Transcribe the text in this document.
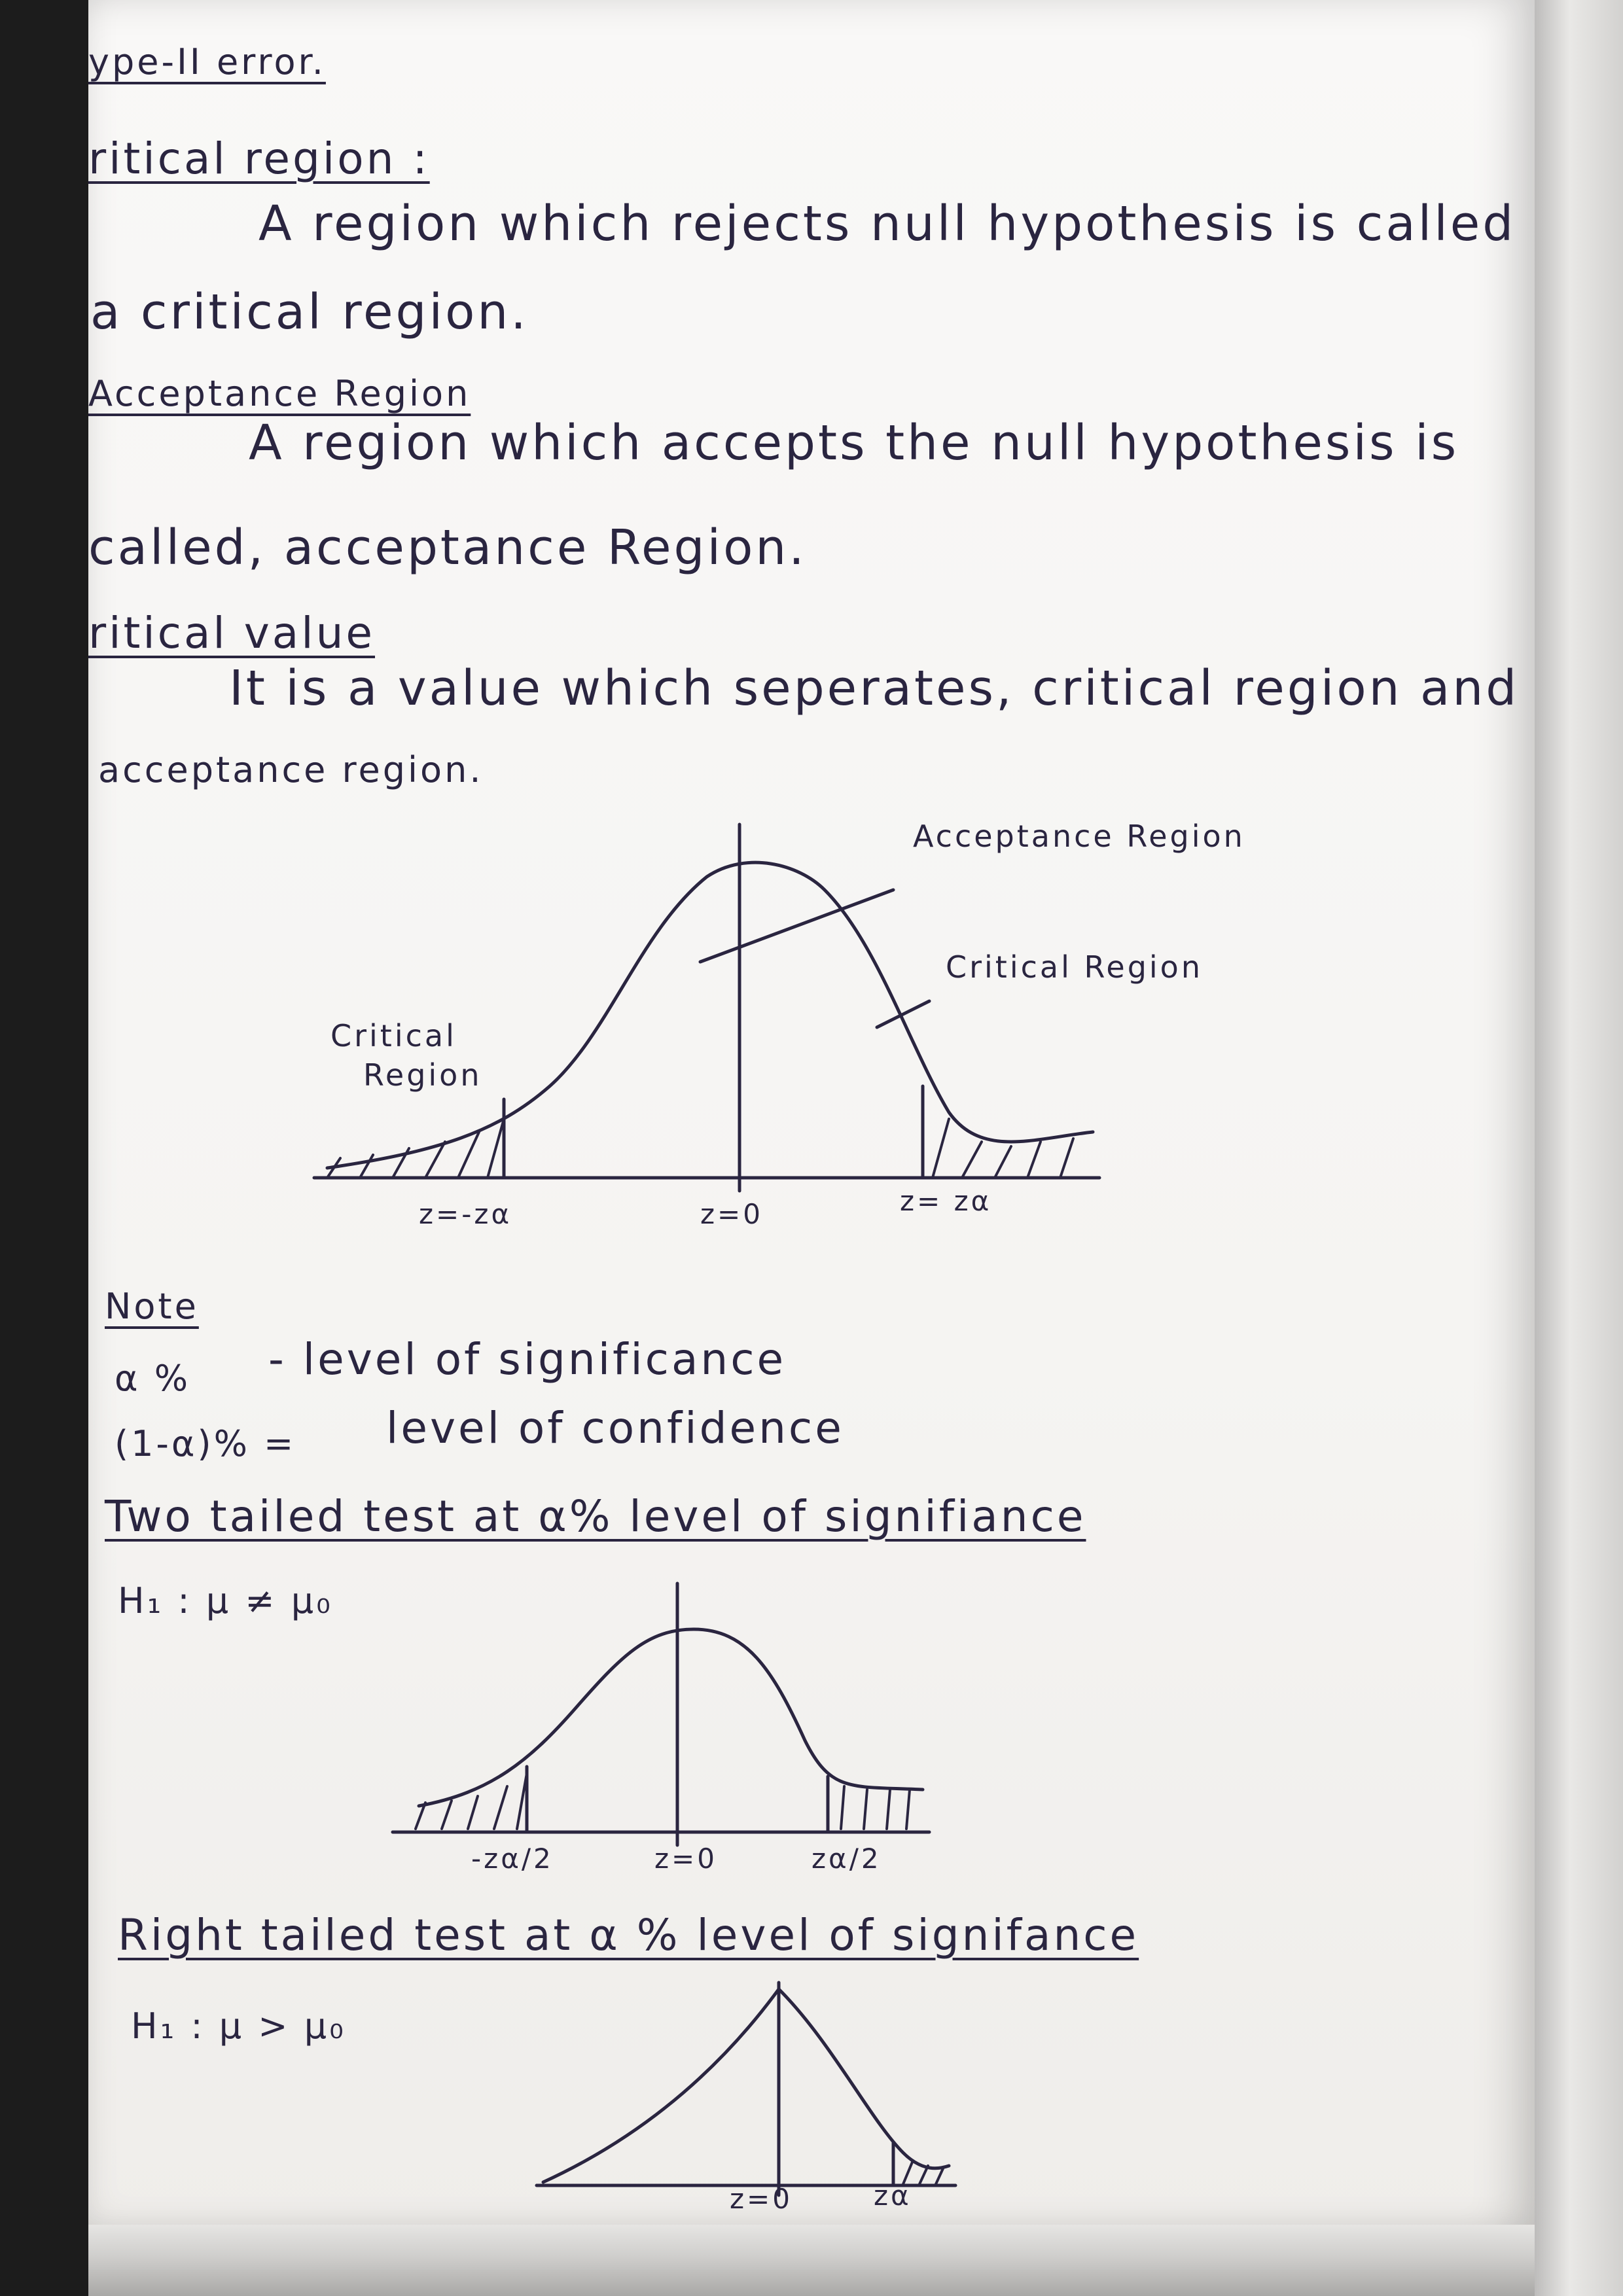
ype-II error.
ritical region :
A region which rejects null hypothesis is called
a critical region.
Acceptance Region
A region which accepts the null hypothesis is
called, acceptance Region.
ritical value
It is a value which seperates, critical region and
acceptance region.
Acceptance Region
Critical Region
Critical
Region
z=-zα	z=0	z= zα
Note
α % - level of significance
(1-α)% = level of confidence
Two tailed test at α% level of signifiance
H₁ : μ ≠ μ₀
-zα/2	z=0	zα/2
Right tailed test at α % level of signifance
H₁ : μ > μ₀
z=0	zα
